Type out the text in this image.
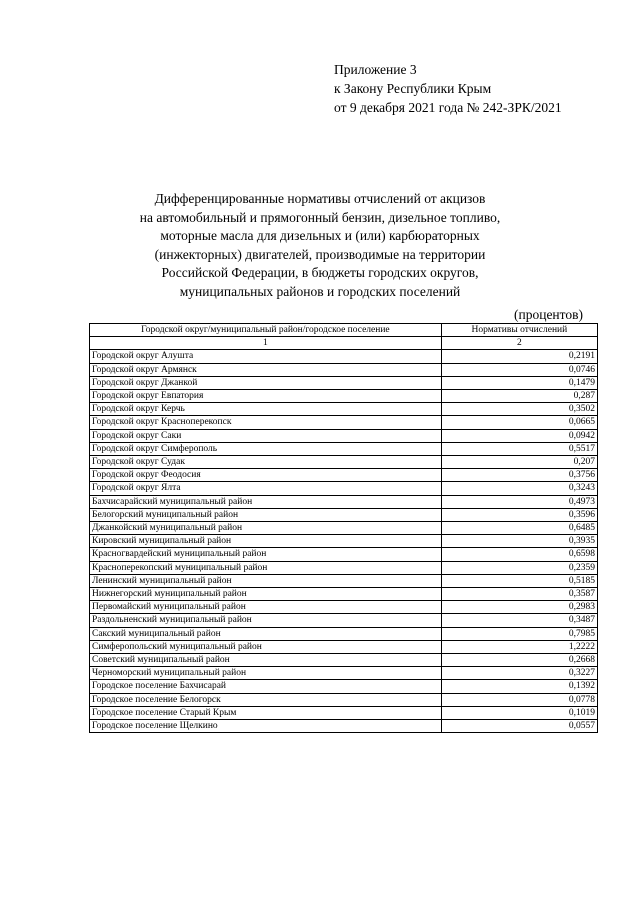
Приложение 3
к Закону Республики Крым
от 9 декабря 2021 года № 242-ЗРК/2021
Дифференцированные нормативы отчислений от акцизов
на автомобильный и прямогонный бензин, дизельное топливо,
моторные масла для дизельных и (или) карбюраторных
(инжекторных) двигателей, производимые на территории
Российской Федерации, в бюджеты городских округов,
муниципальных районов и городских поселений
(процентов)
Городской округ/муниципальный район/городское поселение	Нормативы отчислений
1	2
Городской округ Алушта	0,2191
Городской округ Армянск	0,0746
Городской округ Джанкой	0,1479
Городской округ Евпатория	0,287
Городской округ Керчь	0,3502
Городской округ Красноперекопск	0,0665
Городской округ Саки	0,0942
Городской округ Симферополь	0,5517
Городской округ Судак	0,207
Городской округ Феодосия	0,3756
Городской округ Ялта	0,3243
Бахчисарайский муниципальный район	0,4973
Белогорский муниципальный район	0,3596
Джанкойский муниципальный район	0,6485
Кировский муниципальный район	0,3935
Красногвардейский муниципальный район	0,6598
Красноперекопский муниципальный район	0,2359
Ленинский муниципальный район	0,5185
Нижнегорский муниципальный район	0,3587
Первомайский муниципальный район	0,2983
Раздольненский муниципальный район	0,3487
Сакский муниципальный район	0,7985
Симферопольский муниципальный район	1,2222
Советский муниципальный район	0,2668
Черноморский муниципальный район	0,3227
Городское поселение Бахчисарай	0,1392
Городское поселение Белогорск	0,0778
Городское поселение Старый Крым	0,1019
Городское поселение Щелкино	0,0557
